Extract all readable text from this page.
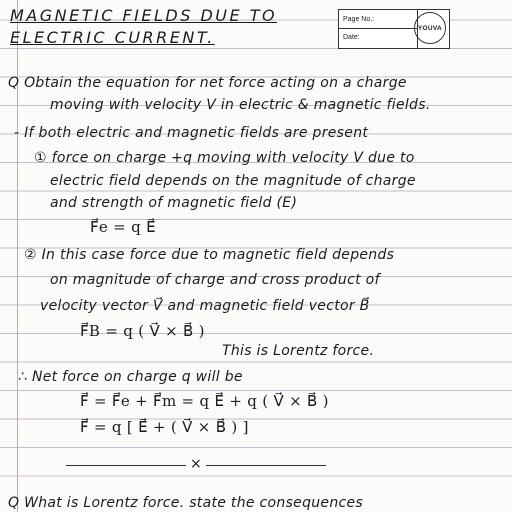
MAGNETIC FIELDS DUE TO
ELECTRIC CURRENT.
Page No.:
Date:
YOUVA
Q Obtain the equation for net force acting on a charge
moving with velocity V in electric & magnetic fields.
- If both electric and magnetic fields are present
① force on charge +q moving with velocity V due to
electric field depends on the magnitude of charge
and strength of magnetic field (E)
F⃗e = q E⃗
② In this case force due to magnetic field depends
on magnitude of charge and cross product of
velocity vector V⃗ and magnetic field vector B⃗
F⃗B = q ( V⃗ × B⃗ )
This is Lorentz force.
∴ Net force on charge q will be
F⃗ = F⃗e + F⃗m = q E⃗ + q ( V⃗ × B⃗ )
F⃗ = q [ E⃗ + ( V⃗ × B⃗ ) ]
×
Q What is Lorentz force. state the consequences
